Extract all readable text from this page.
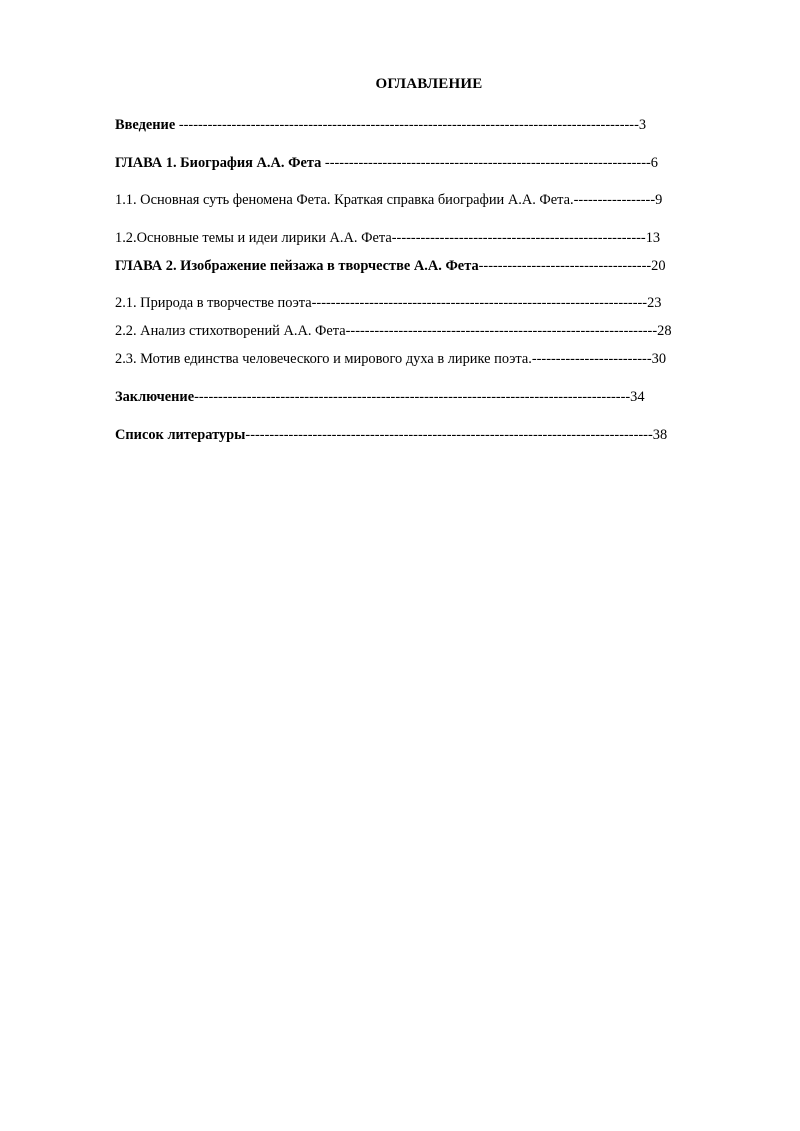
ОГЛАВЛЕНИЕ

Введение ------------------------------------------------------------------------------------------------3

ГЛАВА 1. Биография А.А. Фета --------------------------------------------------------------------6

1.1. Основная суть феномена Фета. Краткая справка биографии А.А. Фета.-----------------9

1.2.Основные темы и идеи лирики А.А. Фета-----------------------------------------------------13

ГЛАВА 2. Изображение пейзажа в творчестве А.А. Фета------------------------------------20

2.1. Природа в творчестве поэта----------------------------------------------------------------------23

2.2. Анализ стихотворений А.А. Фета-----------------------------------------------------------------28

2.3. Мотив единства человеческого и мирового духа в лирике поэта.-------------------------30

Заключение-------------------------------------------------------------------------------------------34

Список литературы-------------------------------------------------------------------------------------38
